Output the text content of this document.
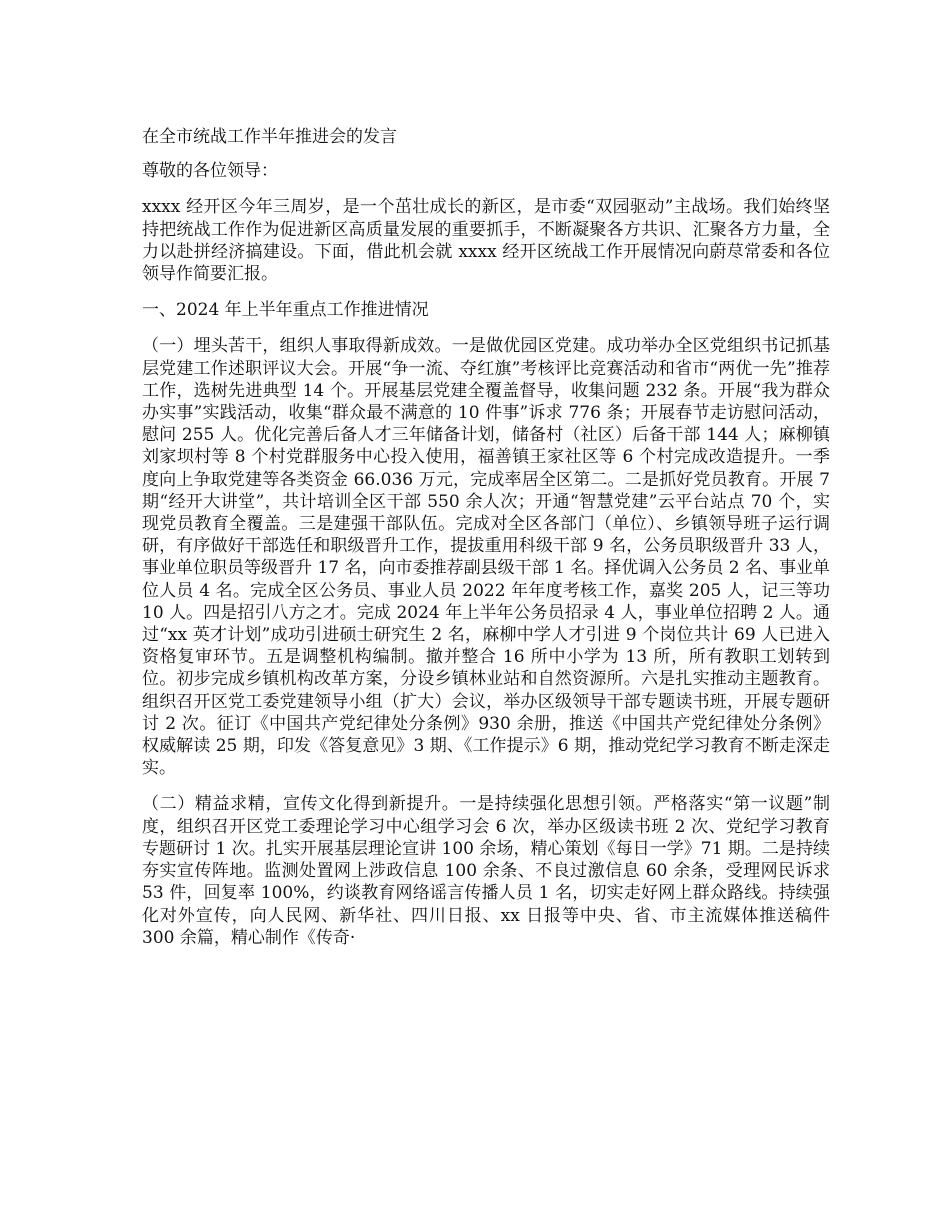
在全市统战工作半年推进会的发言

尊敬的各位领导：

xxxx 经开区今年三周岁，是一个茁壮成长的新区，是市委“双园驱动”主战场。我们始终坚持把统战工作作为促进新区高质量发展的重要抓手，不断凝聚各方共识、汇聚各方力量，全力以赴拼经济搞建设。下面，借此机会就 xxxx 经开区统战工作开展情况向蔚荩常委和各位领导作简要汇报。

一、2024 年上半年重点工作推进情况

（一）埋头苦干，组织人事取得新成效。一是做优园区党建。成功举办全区党组织书记抓基层党建工作述职评议大会。开展“争一流、夺红旗”考核评比竞赛活动和省市“两优一先”推荐工作，选树先进典型 14 个。开展基层党建全覆盖督导，收集问题 232 条。开展“我为群众办实事”实践活动，收集“群众最不满意的 10 件事”诉求 776 条；开展春节走访慰问活动，慰问 255 人。优化完善后备人才三年储备计划，储备村（社区）后备干部 144 人；麻柳镇刘家坝村等 8 个村党群服务中心投入使用，福善镇王家社区等 6 个村完成改造提升。一季度向上争取党建等各类资金 66.036 万元，完成率居全区第二。二是抓好党员教育。开展 7 期“经开大讲堂”，共计培训全区干部 550 余人次；开通“智慧党建”云平台站点 70 个，实现党员教育全覆盖。三是建强干部队伍。完成对全区各部门（单位）、乡镇领导班子运行调研，有序做好干部选任和职级晋升工作，提拔重用科级干部 9 名，公务员职级晋升 33 人，事业单位职员等级晋升 17 名，向市委推荐副县级干部 1 名。择优调入公务员 2 名、事业单位人员 4 名。完成全区公务员、事业人员 2022 年年度考核工作，嘉奖 205 人，记三等功 10 人。四是招引八方之才。完成 2024 年上半年公务员招录 4 人，事业单位招聘 2 人。通过“xx 英才计划”成功引进硕士研究生 2 名，麻柳中学人才引进 9 个岗位共计 69 人已进入资格复审环节。五是调整机构编制。撤并整合 16 所中小学为 13 所，所有教职工划转到位。初步完成乡镇机构改革方案，分设乡镇林业站和自然资源所。六是扎实推动主题教育。组织召开区党工委党建领导小组（扩大）会议，举办区级领导干部专题读书班，开展专题研讨 2 次。征订《中国共产党纪律处分条例》930 余册，推送《中国共产党纪律处分条例》权威解读 25 期，印发《答复意见》3 期、《工作提示》6 期，推动党纪学习教育不断走深走实。

（二）精益求精，宣传文化得到新提升。一是持续强化思想引领。严格落实“第一议题”制度，组织召开区党工委理论学习中心组学习会 6 次，举办区级读书班 2 次、党纪学习教育专题研讨 1 次。扎实开展基层理论宣讲 100 余场，精心策划《每日一学》71 期。二是持续夯实宣传阵地。监测处置网上涉政信息 100 余条、不良过激信息 60 余条，受理网民诉求 53 件，回复率 100%，约谈教育网络谣言传播人员 1 名，切实走好网上群众路线。持续强化对外宣传，向人民网、新华社、四川日报、xx 日报等中央、省、市主流媒体推送稿件 300 余篇，精心制作《传奇·
